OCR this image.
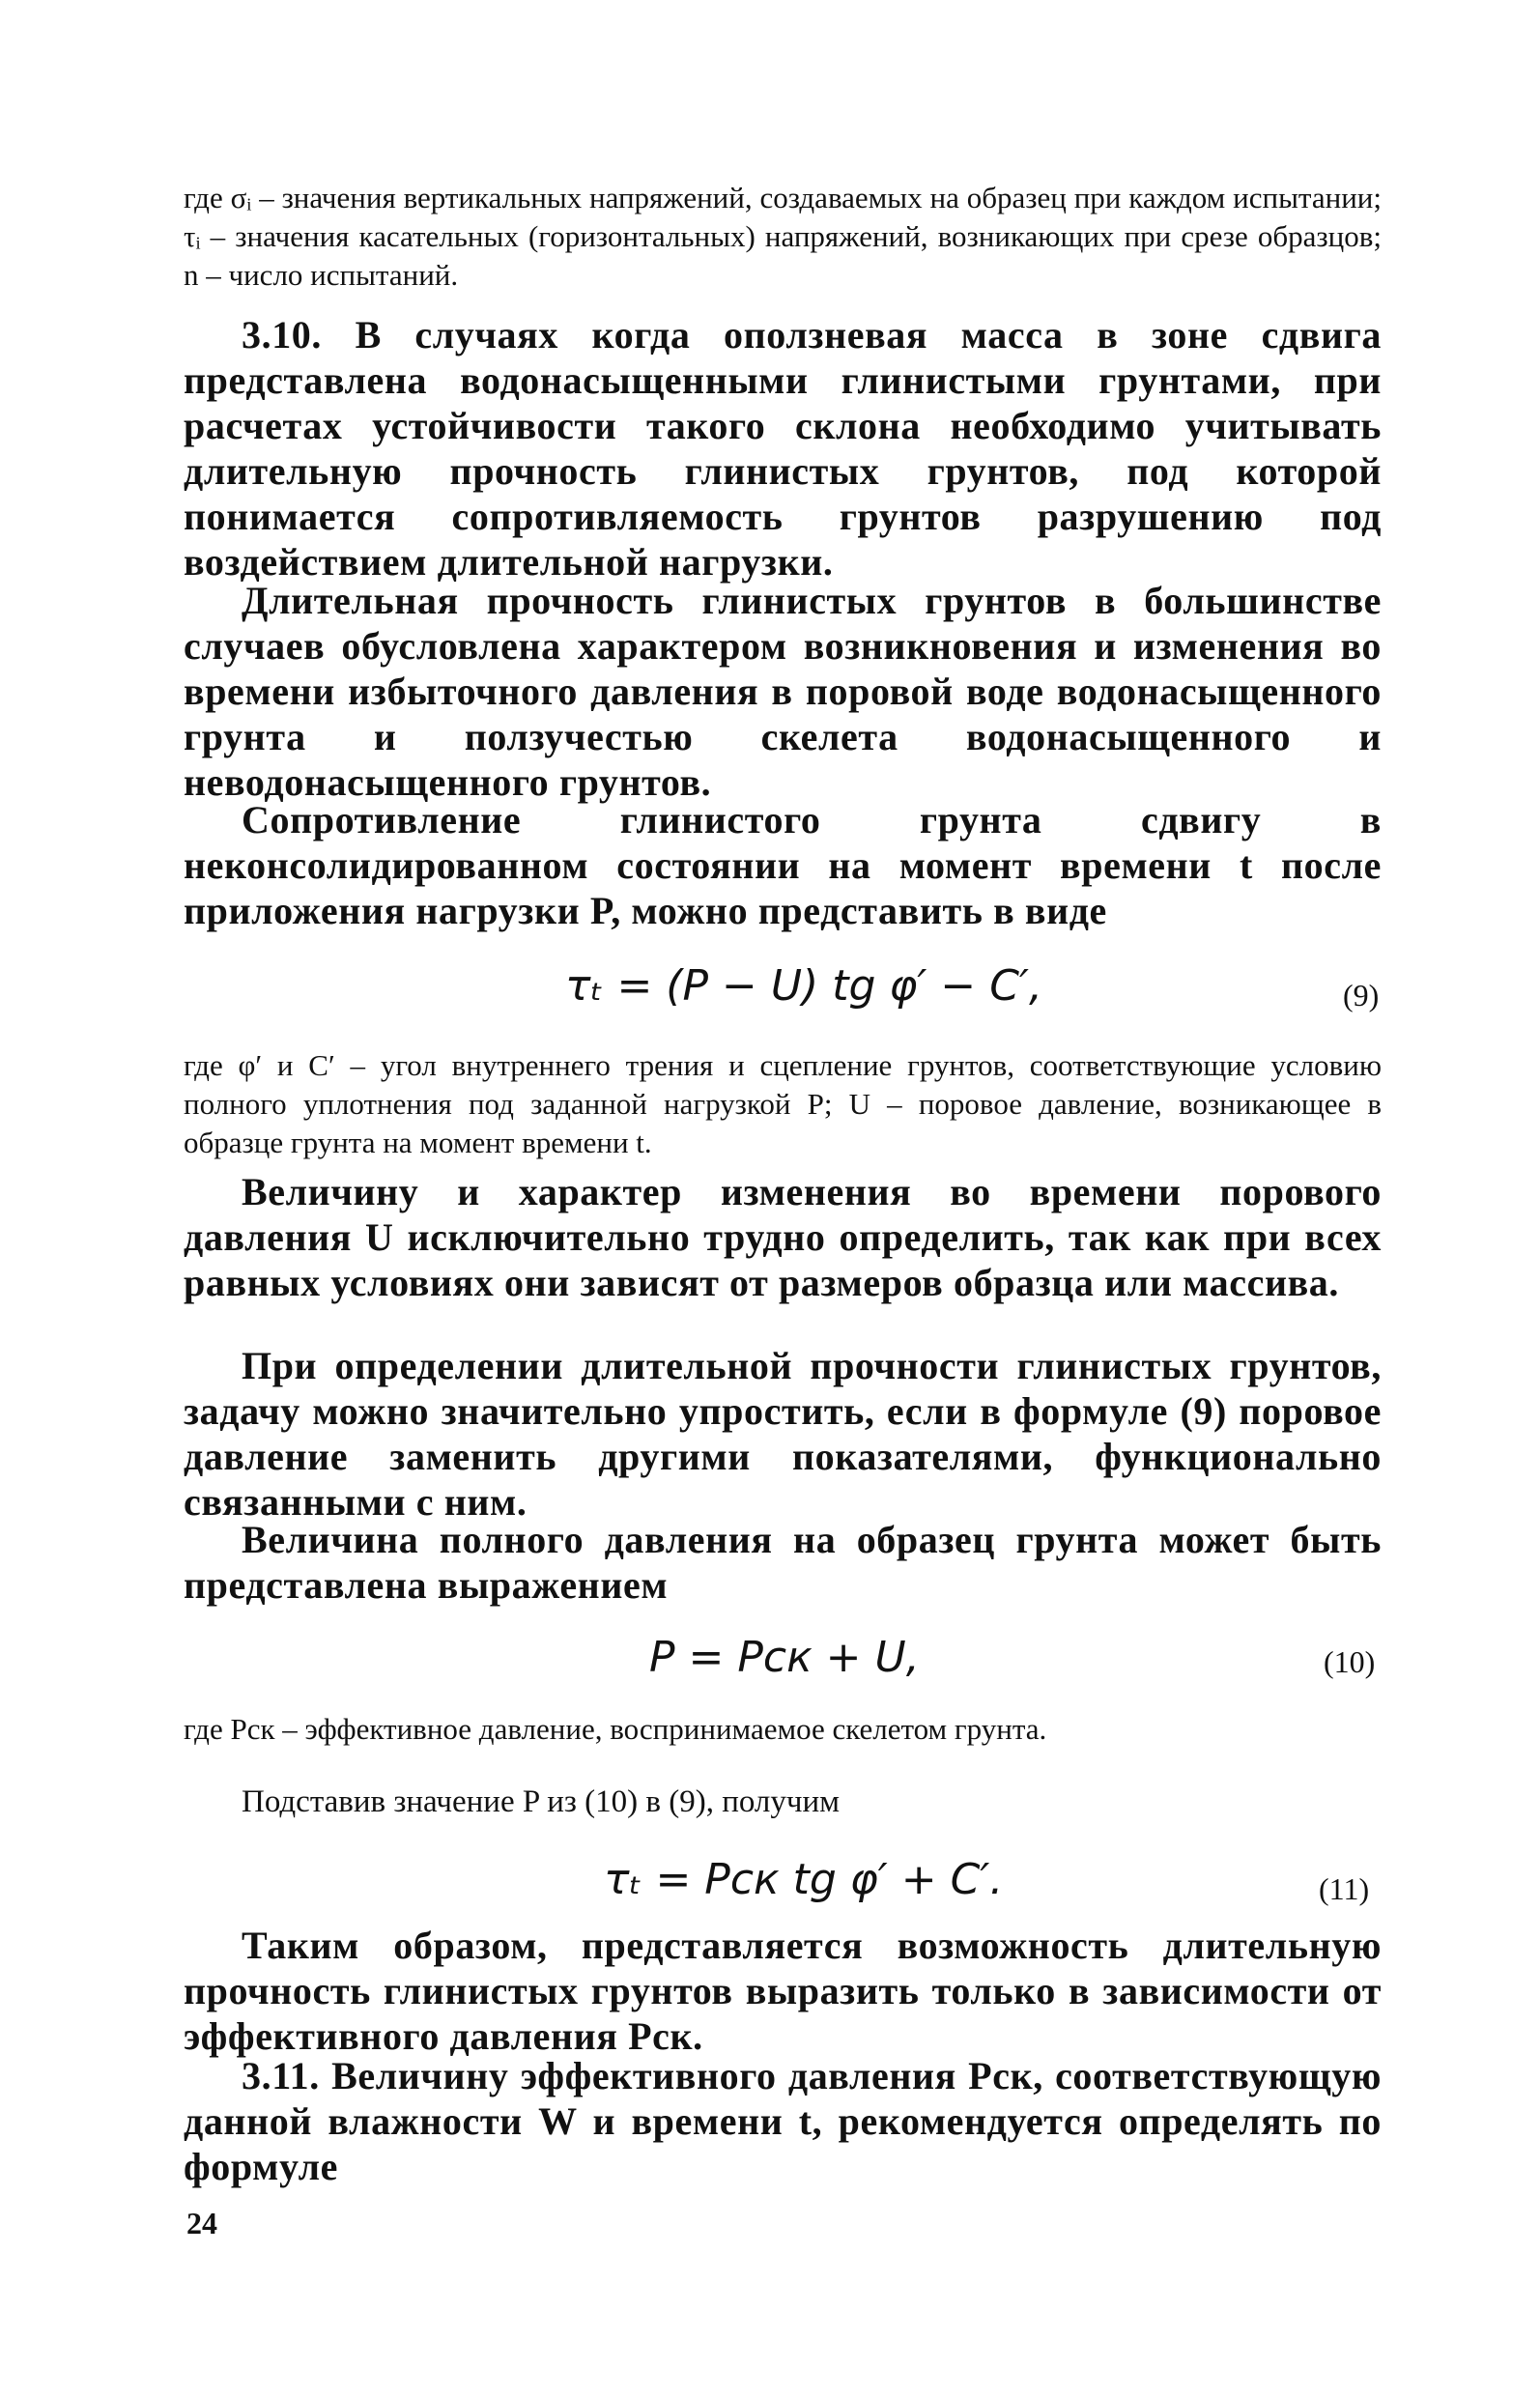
где σᵢ – значения вертикальных напряжений, создаваемых на образец при каждом испытании; τᵢ – значения касательных (горизонтальных) напряжений, возникающих при срезе образцов; n – число испытаний.
3.10. В случаях когда оползневая масса в зоне сдвига представлена водонасыщенными глинистыми грунтами, при расчетах устойчивости такого склона необходимо учитывать длительную прочность глинистых грунтов, под которой понимается сопротивляемость грунтов разрушению под воздействием длительной нагрузки.
Длительная прочность глинистых грунтов в большинстве случаев обусловлена характером возникновения и изменения во времени избыточного давления в поровой воде водонасыщенного грунта и ползучестью скелета водонасыщенного и неводонасыщенного грунтов.
Сопротивление глинистого грунта сдвигу в неконсолидированном состоянии на момент времени t после приложения нагрузки P, можно представить в виде
τₜ = (P − U) tg φ′ − C′,	(9)
где φ′ и C′ – угол внутреннего трения и сцепление грунтов, соответствующие условию полного уплотнения под заданной нагрузкой P; U – поровое давление, возникающее в образце грунта на момент времени t.
Величину и характер изменения во времени порового давления U исключительно трудно определить, так как при всех равных условиях они зависят от размеров образца или массива.
При определении длительной прочности глинистых грунтов, задачу можно значительно упростить, если в формуле (9) поровое давление заменить другими показателями, функционально связанными с ним.
Величина полного давления на образец грунта может быть представлена выражением
P = Pск + U,	(10)
где Pск – эффективное давление, воспринимаемое скелетом грунта.
Подставив значение P из (10) в (9), получим
τₜ = Pск tg φ′ + C′.	(11)
Таким образом, представляется возможность длительную прочность глинистых грунтов выразить только в зависимости от эффективного давления Pск.
3.11. Величину эффективного давления Pск, соответствующую данной влажности W и времени t, рекомендуется определять по формуле
24
